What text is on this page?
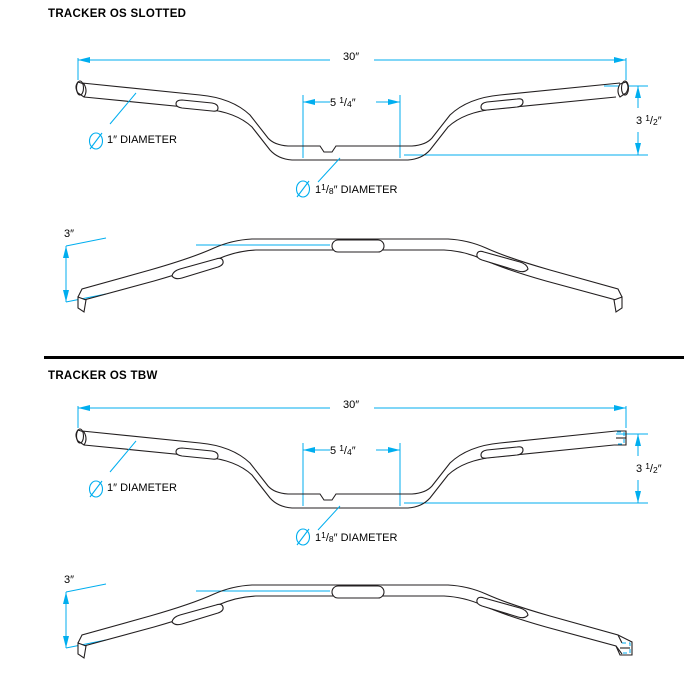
TRACKER OS SLOTTED
30″
5 $^1$/4″
3 $^1$/2″
1″ DIAMETER
$1^1/8''$ DIAMETER
3″
TRACKER OS TBW
30″
5 $^1$/4″
3 $^1$/2″
1″ DIAMETER
$1^1/8''$ DIAMETER
3″
